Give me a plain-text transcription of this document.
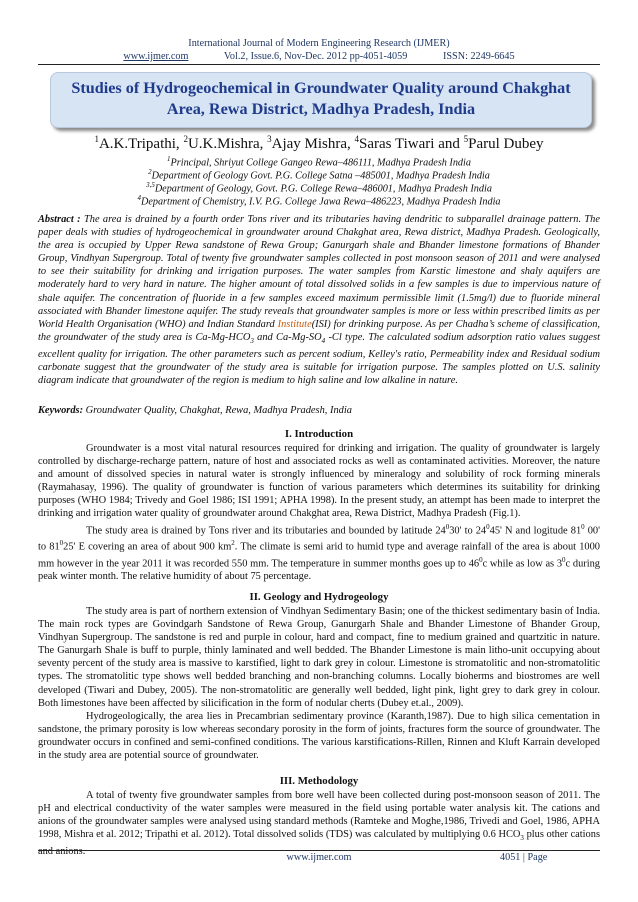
International Journal of Modern Engineering Research (IJMER)
www.ijmer.com	Vol.2, Issue.6, Nov-Dec. 2012 pp-4051-4059	ISSN: 2249-6645
Studies of Hydrogeochemical in Groundwater Quality around Chakghat
Area, Rewa District, Madhya Pradesh, India
$^1$A.K.Tripathi, $^2$U.K.Mishra, $^3$Ajay Mishra, $^4$Saras Tiwari and $^5$Parul Dubey
$^1$Principal, Shriyut College Gangeo Rewa–486111, Madhya Pradesh India
$^2$Department of Geology Govt. P.G. College Satna –485001, Madhya Pradesh India
$^{3,5}$Department of Geology, Govt. P.G. College Rewa–486001, Madhya Pradesh India
$^4$Department of Chemistry, I.V. P.G. College Jawa Rewa–486223, Madhya Pradesh India
Abstract : The area is drained by a fourth order Tons river and its tributaries having dendritic to subparallel drainage pattern. The paper deals with studies of hydrogeochemical in groundwater around Chakghat area, Rewa district, Madhya Pradesh. Geologically, the area is occupied by Upper Rewa sandstone of Rewa Group; Ganurgarh shale and Bhander limestone formations of Bhander Group, Vindhyan Supergroup. Total of twenty five groundwater samples collected in post monsoon season of 2011 and were analysed to see their suitability for drinking and irrigation purposes. The water samples from Karstic limestone and shaly aquifers are moderately hard to very hard in nature. The higher amount of total dissolved solids in a few samples is due to impervious nature of shale aquifer. The concentration of fluoride in a few samples exceed maximum permissible limit (1.5mg/l) due to fluoride mineral associated with Bhander limestone aquifer. The study reveals that groundwater samples is more or less within prescribed limits as per World Health Organisation (WHO) and Indian Standard Institute(ISI) for drinking purpose. As per Chadha’s scheme of classification, the groundwater of the study area is $Ca-Mg-HCO_3$ and $Ca-Mg-SO_4$ -Cl type. The calculated sodium adsorption ratio values suggest excellent quality for irrigation. The other parameters such as percent sodium, Kelley's ratio, Permeability index and Residual sodium carbonate suggest that the groundwater of the study area is suitable for irrigation purpose. The samples plotted on U.S. salinity diagram indicate that groundwater of the region is medium to high saline and low alkaline in nature.
Keywords: Groundwater Quality, Chakghat, Rewa, Madhya Pradesh, India
I. Introduction

Groundwater is a most vital natural resources required for drinking and irrigation. The quality of groundwater is largely controlled by discharge-recharge pattern, nature of host and associated rocks as well as contaminated activities. Moreover, the nature and amount of dissolved species in natural water is strongly influenced by mineralogy and solubility of rock forming minerals (Raymahasay, 1996). The quality of groundwater is function of various parameters which determines its suitability for drinking purposes (WHO 1984; Trivedy and Goel 1986; ISI 1991; APHA 1998). In the present study, an attempt has been made to interpret the drinking and irrigation water quality of groundwater around Chakghat area, Rewa District, Madhya Pradesh (Fig.1).

The study area is drained by Tons river and its tributaries and bounded by latitude $24^030'$ to $24^045'$ N and logitude $81^0$ 00' to $81^025'$ E covering an area of about 900 $km^2$. The climate is semi arid to humid type and average rainfall of the area is about 1000 mm however in the year 2011 it was recorded 550 mm. The temperature in summer months goes up to $46^0c$ while as low as $3^0c$ during peak winter month. The relative humidity of about 75 percentage.

II. Geology and Hydrogeology

The study area is part of northern extension of Vindhyan Sedimentary Basin; one of the thickest sedimentary basin of India. The main rock types are Govindgarh Sandstone of Rewa Group, Ganurgarh Shale and Bhander Limestone of Bhander Group, Vindhyan Supergroup. The sandstone is red and purple in colour, hard and compact, fine to medium grained and quartzitic in nature. The Ganurgarh Shale is buff to purple, thinly laminated and well bedded. The Bhander Limestone is main litho-unit occupying about seventy percent of the study area is massive to karstified, light to dark grey in colour. Limestone is stromatolitic and non-stromatolitic types. The stromatolitic type shows well bedded branching and non-branching columns. Locally bioherms and biostromes are well developed (Tiwari and Dubey, 2005). The non-stromatolitic are generally well bedded, light pink, light grey to dark grey in colour. Both limestones have been affected by silicification in the form of nodular cherts (Dubey et.al., 2009).

Hydrogeologically, the area lies in Precambrian sedimentary province (Karanth,1987). Due to high silica cementation in sandstone, the primary porosity is low whereas secondary porosity in the form of joints, fractures form the source of groundwater. The groundwater occurs in confined and semi-confined conditions. The various karstifications-Rillen, Rinnen and Kluft Karrain developed in the study area are potential source of groundwater.

III. Methodology

A total of twenty five groundwater samples from bore well have been collected during post-monsoon season of 2011. The pH and electrical conductivity of the water samples were measured in the field using portable water analysis kit. The cations and anions of the groundwater samples were analysed using standard methods (Ramteke and Moghe,1986, Trivedi and Goel, 1986, APHA 1998, Mishra et al. 2012; Tripathi et al. 2012). Total dissolved solids (TDS) was calculated by multiplying 0.6 $HCO_3$ plus other cations and anions.

www.ijmer.com	4051 | Page
